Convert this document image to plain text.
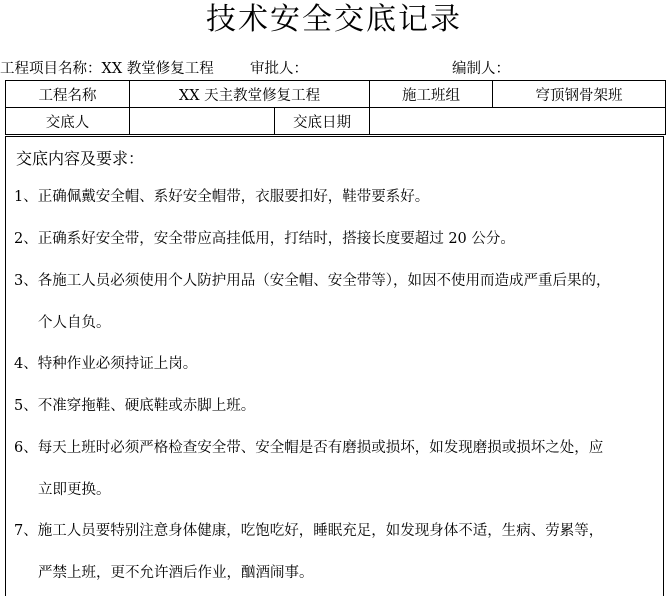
技术安全交底记录
工程项目名称：XX 教堂修复工程 审批人：	编制人：
工程名称	XX 天主教堂修复工程		施工班组	穹顶钢骨架班
交底人		交底日期		
交底内容及要求：
1、正确佩戴安全帽、系好安全帽带，衣服要扣好，鞋带要系好。
2、正确系好安全带，安全带应高挂低用，打结时，搭接长度要超过 20 公分。
3、各施工人员必须使用个人防护用品（安全帽、安全带等），如因不使用而造成严重后果的，
个人自负。
4、特种作业必须持证上岗。
5、不准穿拖鞋、硬底鞋或赤脚上班。
6、每天上班时必须严格检查安全带、安全帽是否有磨损或损坏，如发现磨损或损坏之处，应
立即更换。
7、施工人员要特别注意身体健康，吃饱吃好，睡眠充足，如发现身体不适，生病、劳累等，
严禁上班，更不允许酒后作业，酗酒闹事。
